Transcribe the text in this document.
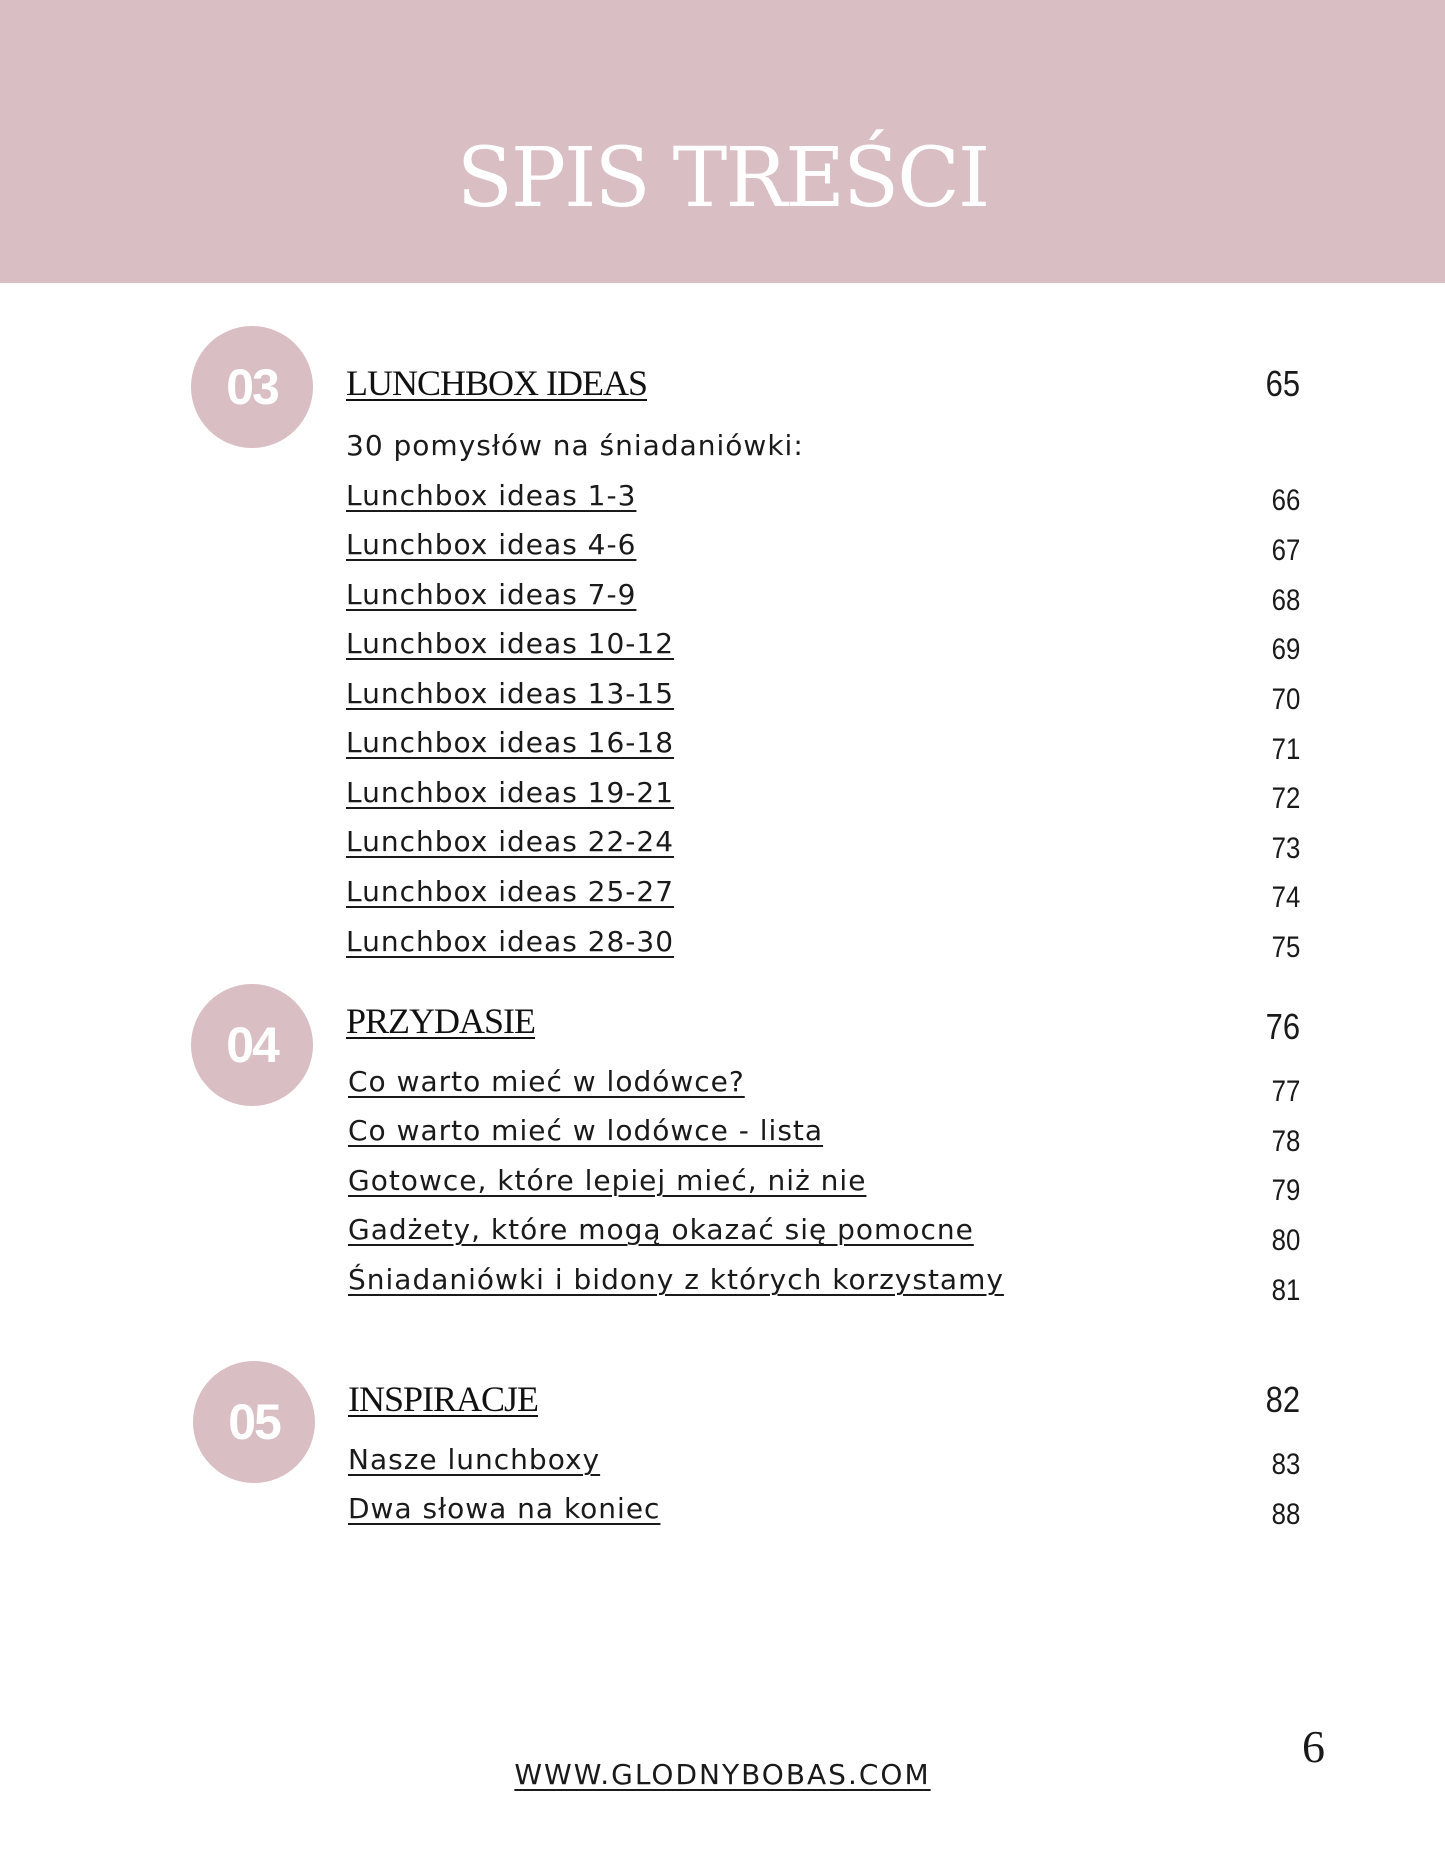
SPIS TREŚCI
03	LUNCHBOX IDEAS	65
30 pomysłów na śniadaniówki:
Lunchbox ideas 1-3	66
Lunchbox ideas 4-6	67
Lunchbox ideas 7-9	68
Lunchbox ideas 10-12	69
Lunchbox ideas 13-15	70
Lunchbox ideas 16-18	71
Lunchbox ideas 19-21	72
Lunchbox ideas 22-24	73
Lunchbox ideas 25-27	74
Lunchbox ideas 28-30	75
04	PRZYDASIE	76
Co warto mieć w lodówce?	77
Co warto mieć w lodówce - lista	78
Gotowce, które lepiej mieć, niż nie	79
Gadżety, które mogą okazać się pomocne	80
Śniadaniówki i bidony z których korzystamy	81
05	INSPIRACJE	82
Nasze lunchboxy	83
Dwa słowa na koniec	88
WWW.GLODNYBOBAS.COM
6
